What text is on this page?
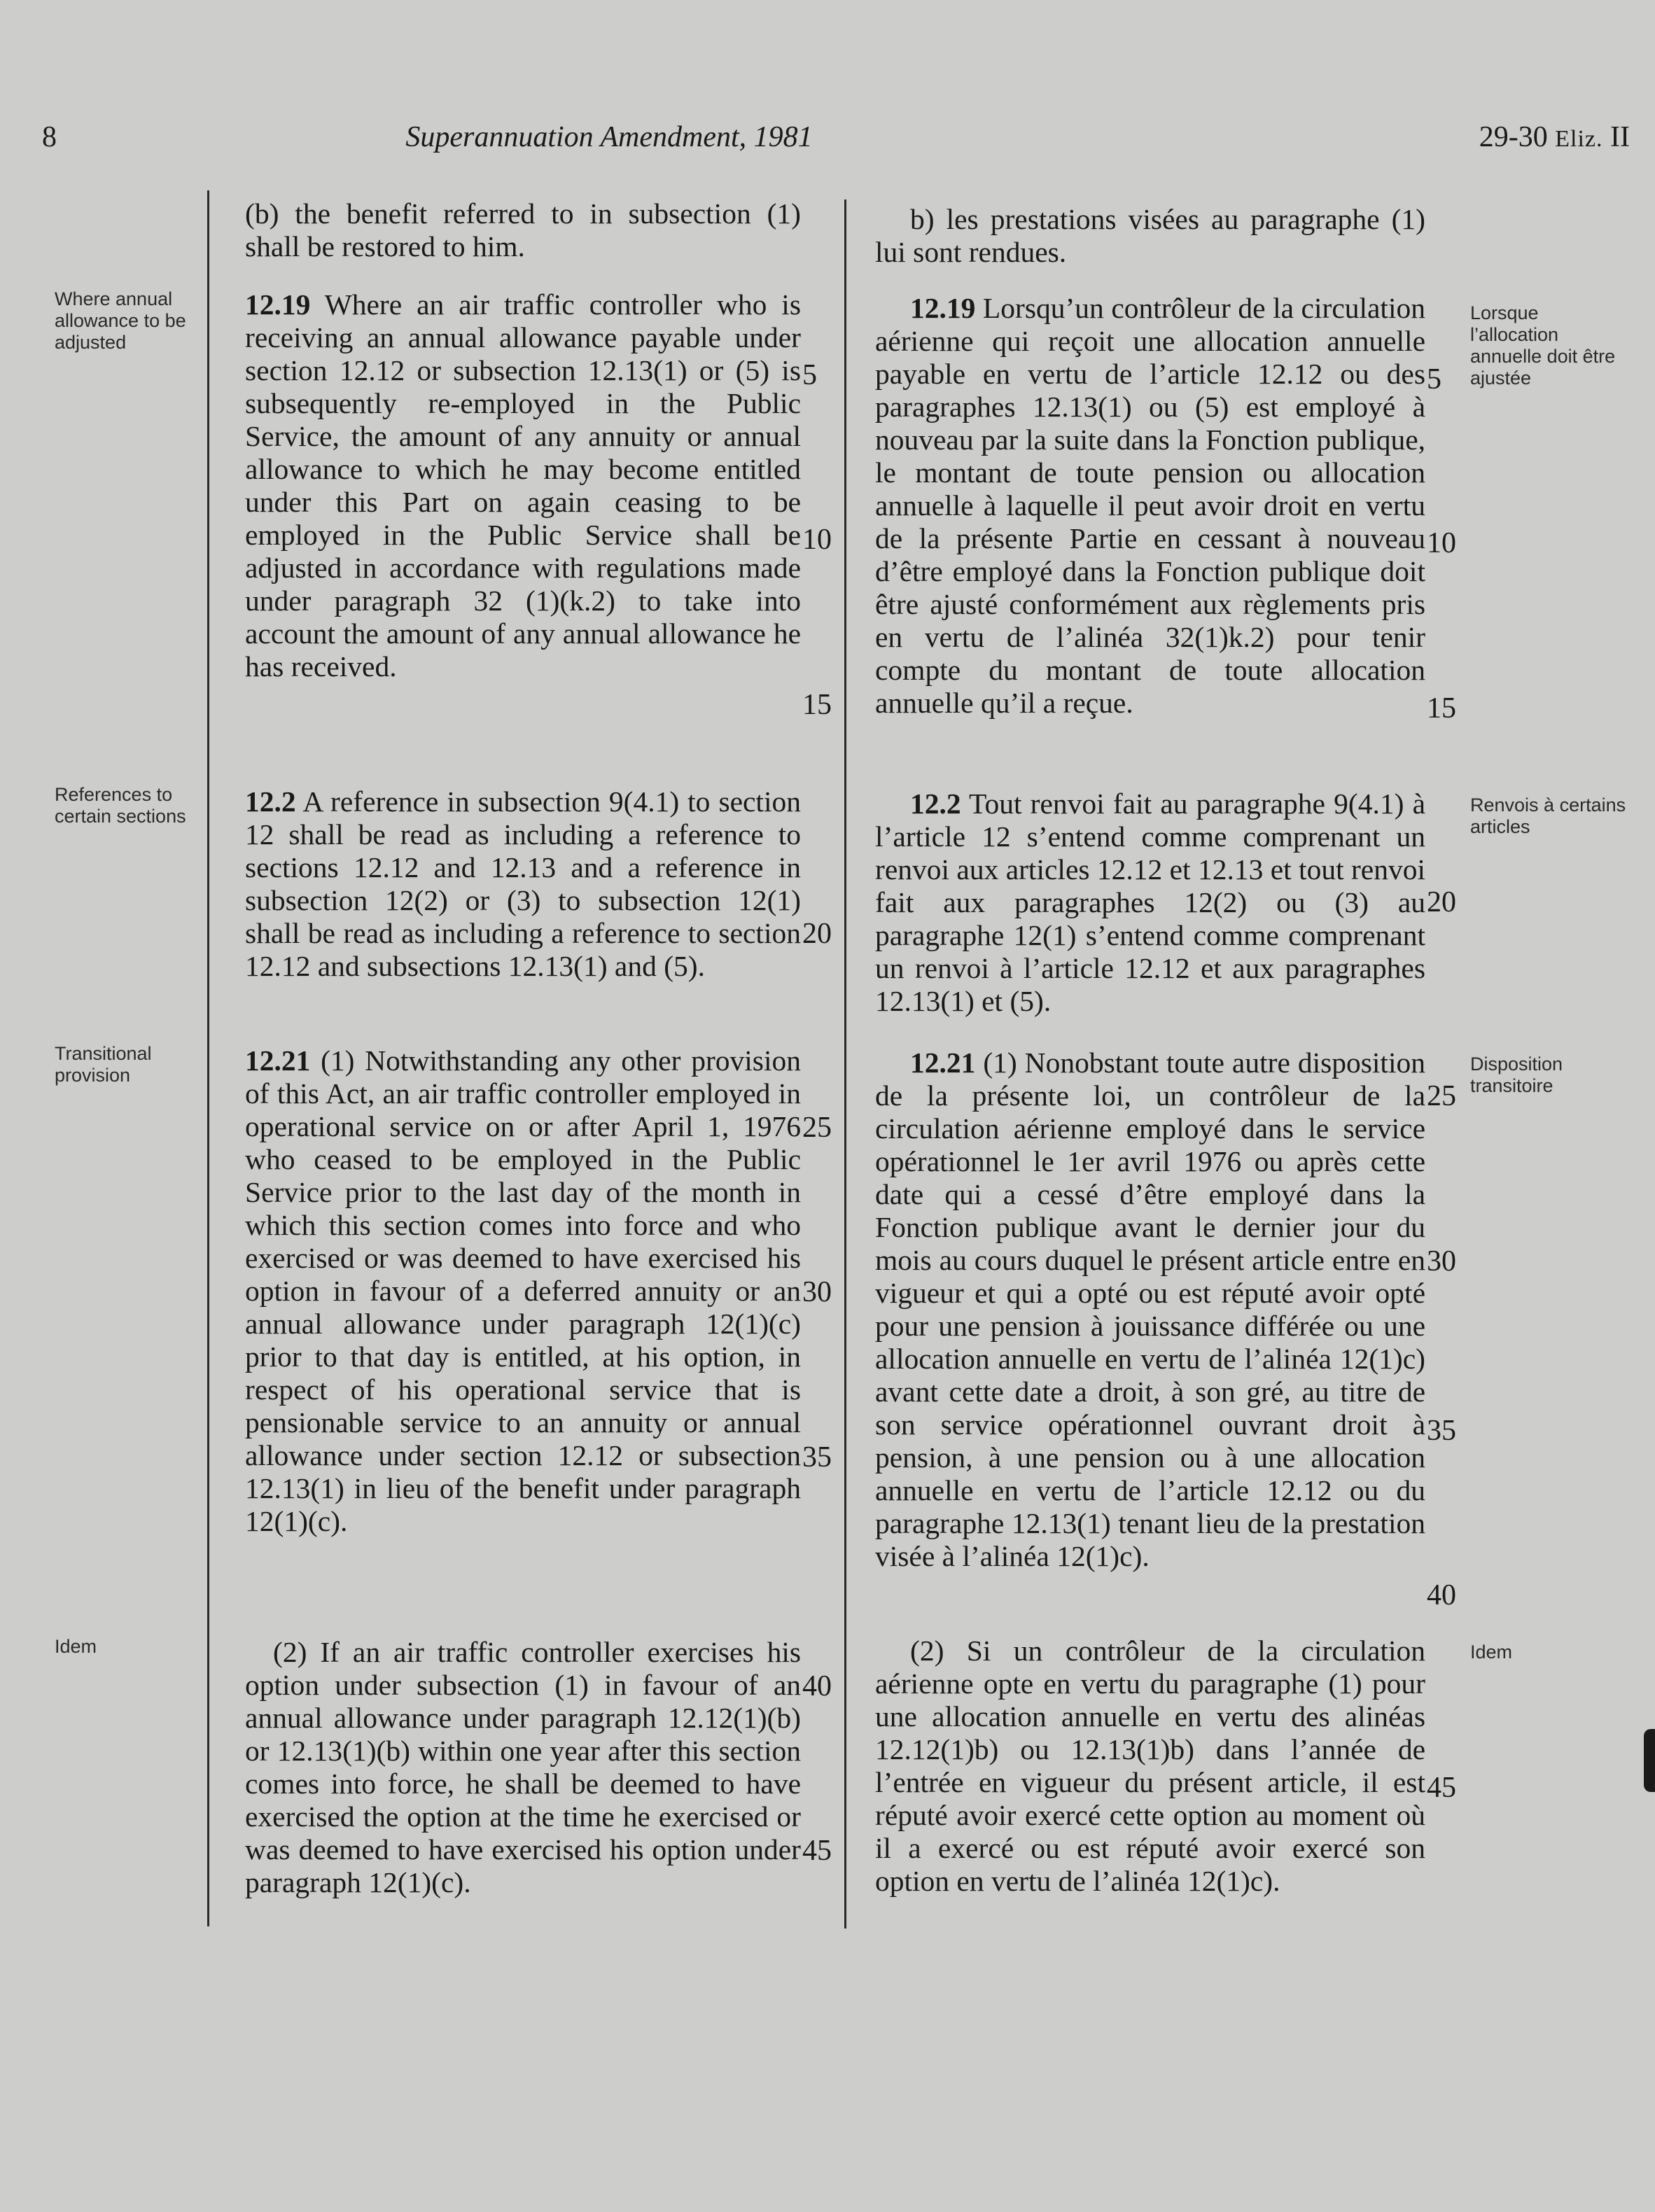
8	Superannuation Amendment, 1981	29-30 Eliz. II
Where annual allowance to be adjusted
References to certain sections
Transitional provision
Idem
Lorsque l’allocation annuelle doit être ajustée
Renvois à certains articles
Disposition transitoire
Idem

(b) the benefit referred to in subsection (1) shall be restored to him.

12.19 Where an air traffic controller who is receiving an annual allowance payable under section 12.12 or subsection 12.13(1) or (5) is subsequently re-employed in the Public Service, the amount of any annuity or annual allowance to which he may become entitled under this Part on again ceasing to be employed in the Public Service shall be adjusted in accordance with regulations made under paragraph 32 (1)(k.2) to take into account the amount of any annual allowance he has received.

12.2 A reference in subsection 9(4.1) to section 12 shall be read as including a reference to sections 12.12 and 12.13 and a reference in subsection 12(2) or (3) to subsection 12(1) shall be read as including a reference to section 12.12 and subsections 12.13(1) and (5).

12.21 (1) Notwithstanding any other provision of this Act, an air traffic controller employed in operational service on or after April 1, 1976 who ceased to be employed in the Public Service prior to the last day of the month in which this section comes into force and who exercised or was deemed to have exercised his option in favour of a deferred annuity or an annual allowance under paragraph 12(1)(c) prior to that day is entitled, at his option, in respect of his operational service that is pensionable service to an annuity or annual allowance under section 12.12 or subsection 12.13(1) in lieu of the benefit under paragraph 12(1)(c).

(2) If an air traffic controller exercises his option under subsection (1) in favour of an annual allowance under paragraph 12.12(1)(b) or 12.13(1)(b) within one year after this section comes into force, he shall be deemed to have exercised the option at the time he exercised or was deemed to have exercised his option under paragraph 12(1)(c).

b) les prestations visées au paragraphe (1) lui sont rendues.

12.19 Lorsqu’un contrôleur de la circulation aérienne qui reçoit une allocation annuelle payable en vertu de l’article 12.12 ou des paragraphes 12.13(1) ou (5) est employé à nouveau par la suite dans la Fonction publique, le montant de toute pension ou allocation annuelle à laquelle il peut avoir droit en vertu de la présente Partie en cessant à nouveau d’être employé dans la Fonction publique doit être ajusté conformément aux règlements pris en vertu de l’alinéa 32(1)k.2) pour tenir compte du montant de toute allocation annuelle qu’il a reçue.

12.2 Tout renvoi fait au paragraphe 9(4.1) à l’article 12 s’entend comme comprenant un renvoi aux articles 12.12 et 12.13 et tout renvoi fait aux paragraphes 12(2) ou (3) au paragraphe 12(1) s’entend comme comprenant un renvoi à l’article 12.12 et aux paragraphes 12.13(1) et (5).

12.21 (1) Nonobstant toute autre disposition de la présente loi, un contrôleur de la circulation aérienne employé dans le service opérationnel le 1er avril 1976 ou après cette date qui a cessé d’être employé dans la Fonction publique avant le dernier jour du mois au cours duquel le présent article entre en vigueur et qui a opté ou est réputé avoir opté pour une pension à jouissance différée ou une allocation annuelle en vertu de l’alinéa 12(1)c) avant cette date a droit, à son gré, au titre de son service opérationnel ouvrant droit à pension, à une pension ou à une allocation annuelle en vertu de l’article 12.12 ou du paragraphe 12.13(1) tenant lieu de la prestation visée à l’alinéa 12(1)c).

(2) Si un contrôleur de la circulation aérienne opte en vertu du paragraphe (1) pour une allocation annuelle en vertu des alinéas 12.12(1)b) ou 12.13(1)b) dans l’année de l’entrée en vigueur du présent article, il est réputé avoir exercé cette option au moment où il a exercé ou est réputé avoir exercé son option en vertu de l’alinéa 12(1)c).

5
10
15
20
25
30
35
40
45
5
10
15
20
25
30
35
40
45
